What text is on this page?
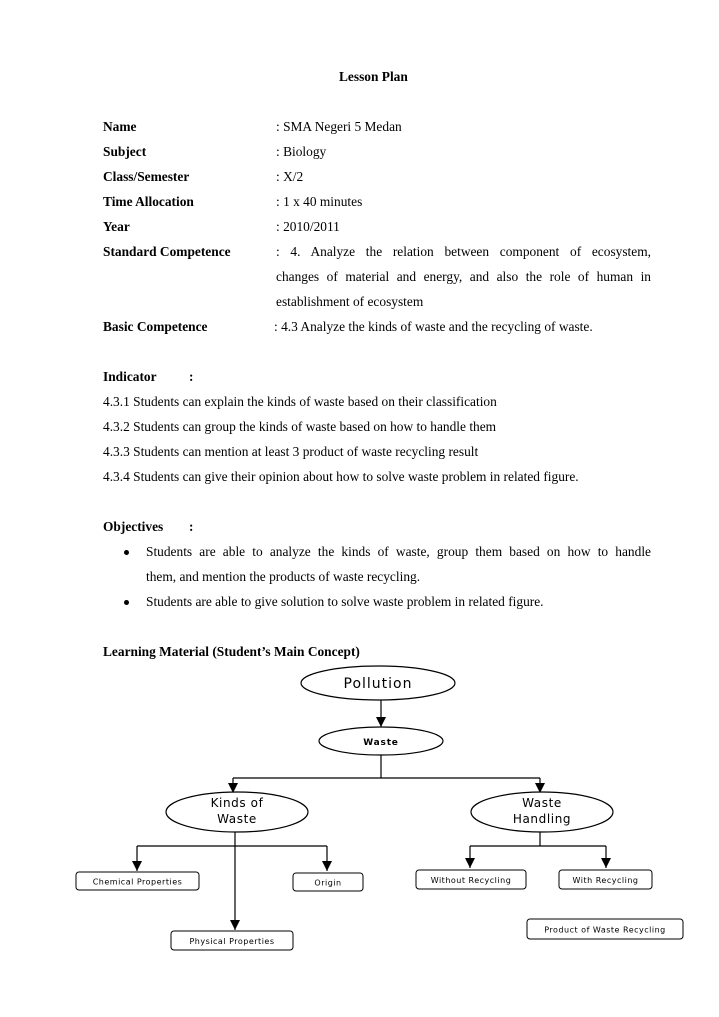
Lesson Plan
Name	: SMA Negeri 5 Medan
Subject	: Biology
Class/Semester	: X/2
Time Allocation	: 1 x 40 minutes
Year	: 2010/2011
Standard Competence	: 4. Analyze the relation between component of ecosystem,
changes of material and energy, and also the role of human in
establishment of ecosystem
Basic Competence	: 4.3 Analyze the kinds of waste and the recycling of waste.
Indicator :
4.3.1 Students can explain the kinds of waste based on their classification
4.3.2 Students can group the kinds of waste based on how to handle them
4.3.3 Students can mention at least 3 product of waste recycling result
4.3.4 Students can give their opinion about how to solve waste problem in related figure.
Objectives :
Students are able to analyze the kinds of waste, group them based on how to handle
them, and mention the products of waste recycling.
Students are able to give solution to solve waste problem in related figure.
Learning Material (Student’s Main Concept)
Pollution
Waste
Kinds of
Waste
Waste
Handling
Chemical Properties	Origin
Physical Properties
Without Recycling	With Recycling
Product of Waste Recycling
